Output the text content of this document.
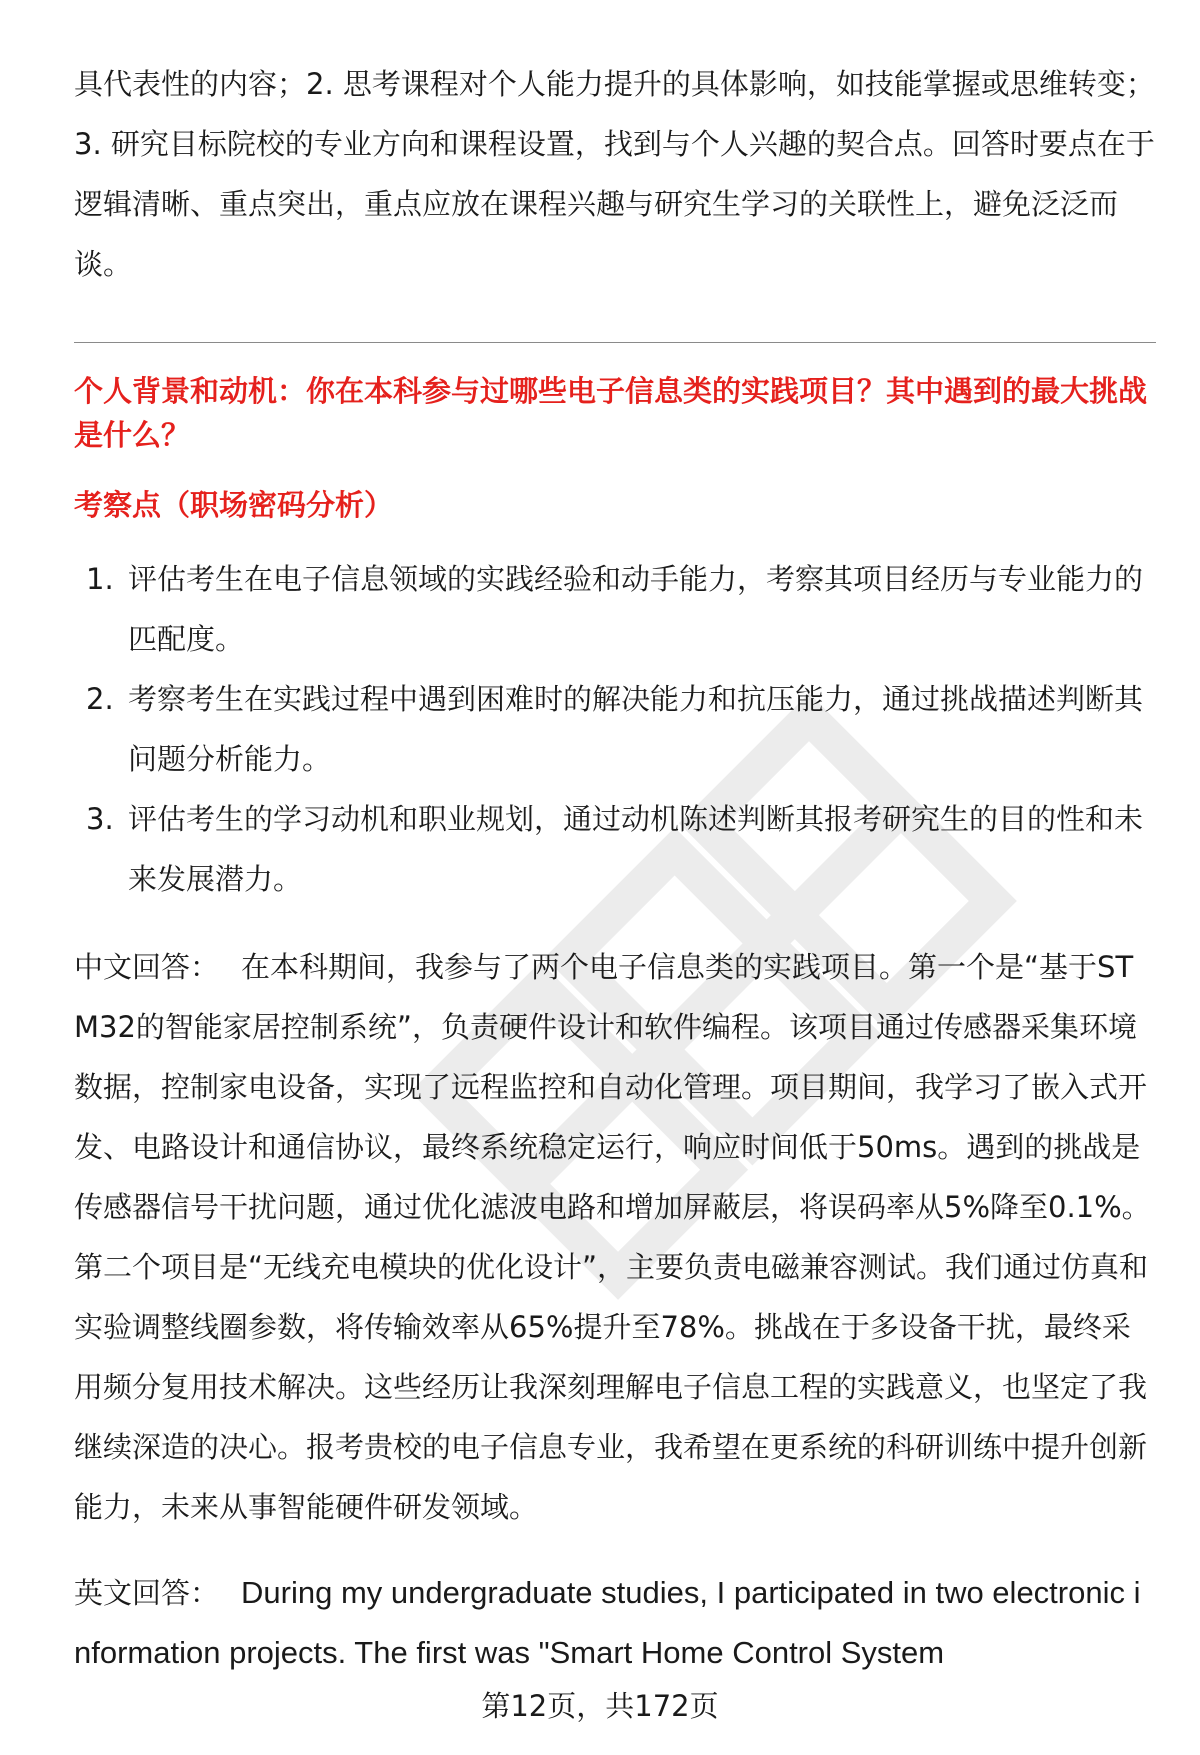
具代表性的内容；2. 思考课程对个人能力提升的具体影响，如技能掌握或思维转变；3. 研究目标院校的专业方向和课程设置，找到与个人兴趣的契合点。回答时要点在于逻辑清晰、重点突出，重点应放在课程兴趣与研究生学习的关联性上，避免泛泛而谈。

个人背景和动机：你在本科参与过哪些电子信息类的实践项目？其中遇到的最大挑战是什么？

考察点（职场密码分析）

1. 评估考生在电子信息领域的实践经验和动手能力，考察其项目经历与专业能力的匹配度。
2. 考察考生在实践过程中遇到困难时的解决能力和抗压能力，通过挑战描述判断其问题分析能力。
3. 评估考生的学习动机和职业规划，通过动机陈述判断其报考研究生的目的性和未来发展潜力。

中文回答： 在本科期间，我参与了两个电子信息类的实践项目。第一个是“基于STM32的智能家居控制系统”，负责硬件设计和软件编程。该项目通过传感器采集环境数据，控制家电设备，实现了远程监控和自动化管理。项目期间，我学习了嵌入式开发、电路设计和通信协议，最终系统稳定运行，响应时间低于50ms。遇到的挑战是传感器信号干扰问题，通过优化滤波电路和增加屏蔽层，将误码率从5%降至0.1%。第二个项目是“无线充电模块的优化设计”，主要负责电磁兼容测试。我们通过仿真和实验调整线圈参数，将传输效率从65%提升至78%。挑战在于多设备干扰，最终采用频分复用技术解决。这些经历让我深刻理解电子信息工程的实践意义，也坚定了我继续深造的决心。报考贵校的电子信息专业，我希望在更系统的科研训练中提升创新能力，未来从事智能硬件研发领域。

英文回答： During my undergraduate studies, I participated in two electronic information projects. The first was "Smart Home Control System

第12页，共172页
